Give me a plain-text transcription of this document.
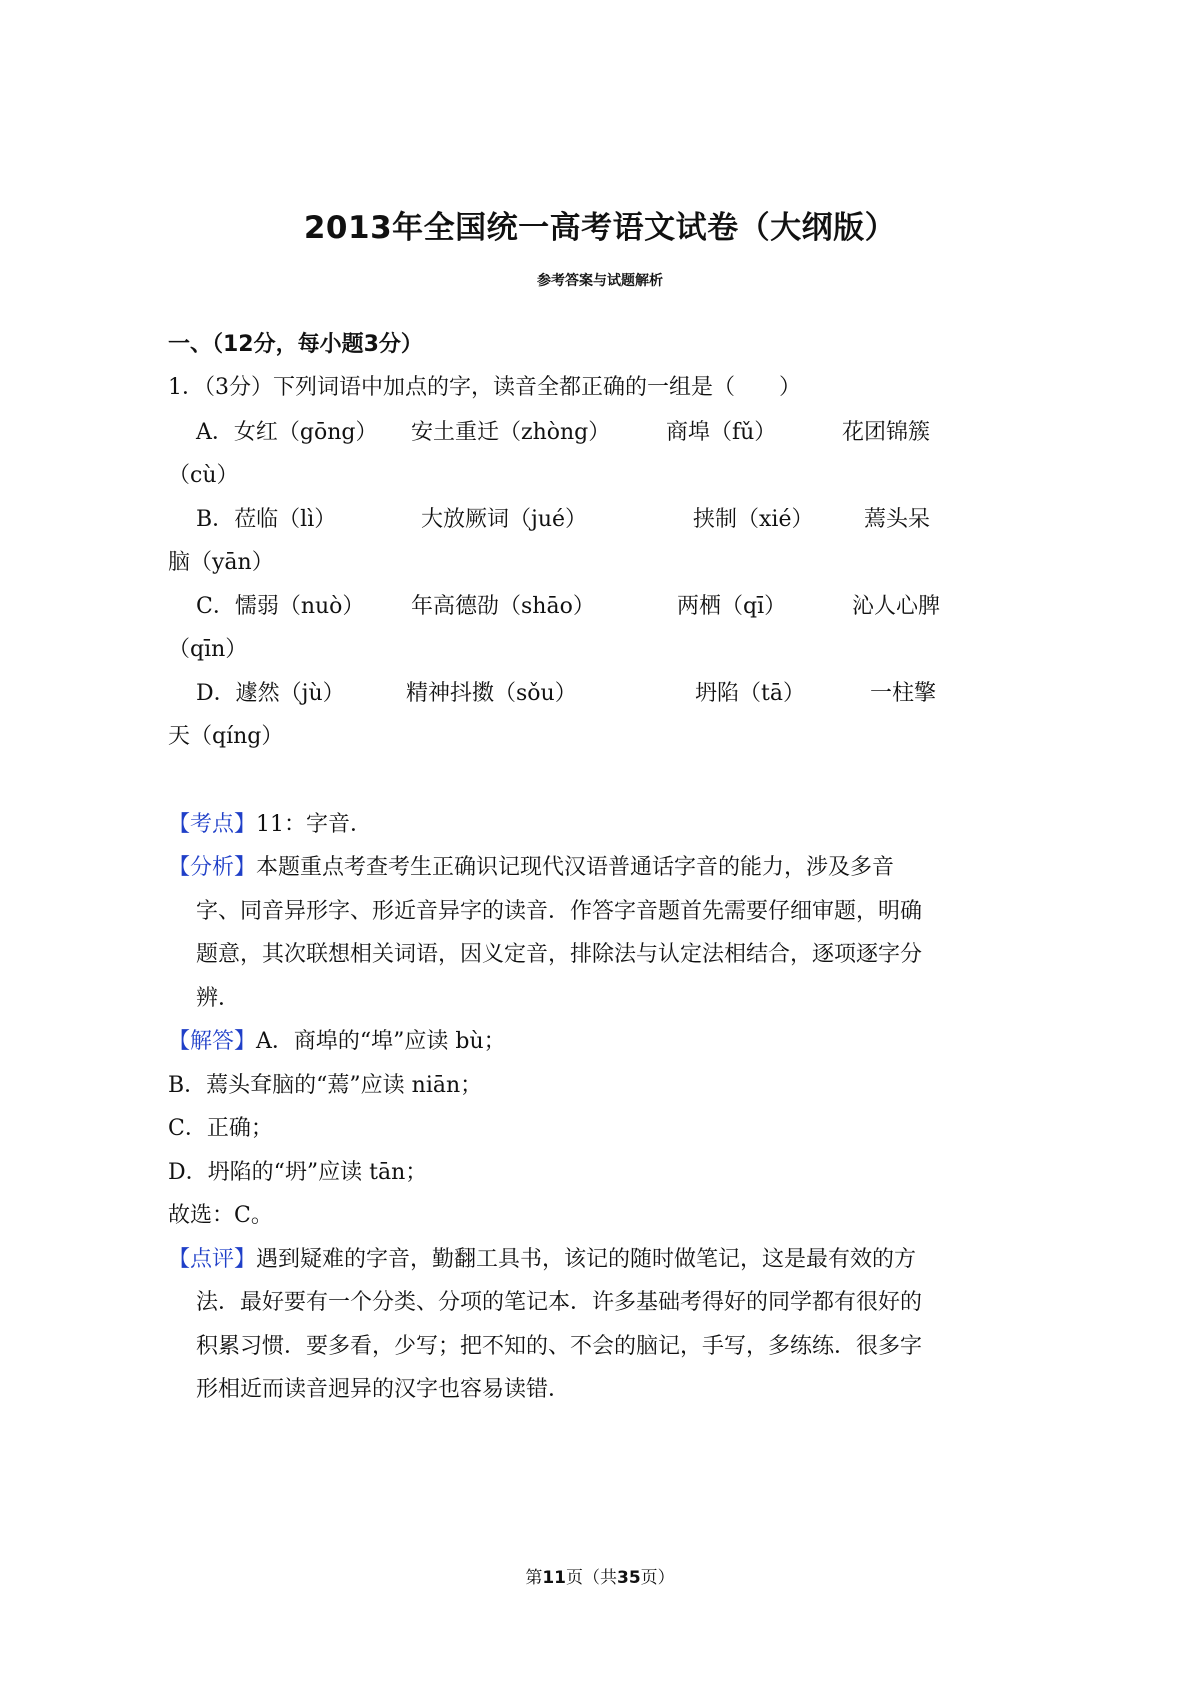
2013年全国统一高考语文试卷（大纲版）
参考答案与试题解析
一、（12分，每小题3分）
1．（3分）下列词语中加点的字，读音全都正确的一组是（　　）
A．女红（gōng） 安土重迁（zhòng）	商埠（fǔ）	花团锦簇
（cù）
B．莅临（lì）	大放厥词（jué）	挟制（xié） 蔫头呆
脑（yān）
C．懦弱（nuò） 年高德劭（shāo）	两栖（qī）	沁人心脾
（qīn）
D．遽然（jù）	精神抖擞（sǒu）	坍陷（tā）	一柱擎
天（qíng）
【考点】11：字音．
【分析】本题重点考查考生正确识记现代汉语普通话字音的能力，涉及多音
字、同音异形字、形近音异字的读音．作答字音题首先需要仔细审题，明确
题意，其次联想相关词语，因义定音，排除法与认定法相结合，逐项逐字分
辨．
【解答】A．商埠的“埠”应读 bù；
B．蔫头耷脑的“蔫”应读 niān；
C．正确；
D．坍陷的“坍”应读 tān；
故选：C。
【点评】遇到疑难的字音，勤翻工具书，该记的随时做笔记，这是最有效的方
法．最好要有一个分类、分项的笔记本．许多基础考得好的同学都有很好的
积累习惯．要多看，少写；把不知的、不会的脑记，手写，多练练．很多字
形相近而读音迥异的汉字也容易读错．
第11页（共35页）
